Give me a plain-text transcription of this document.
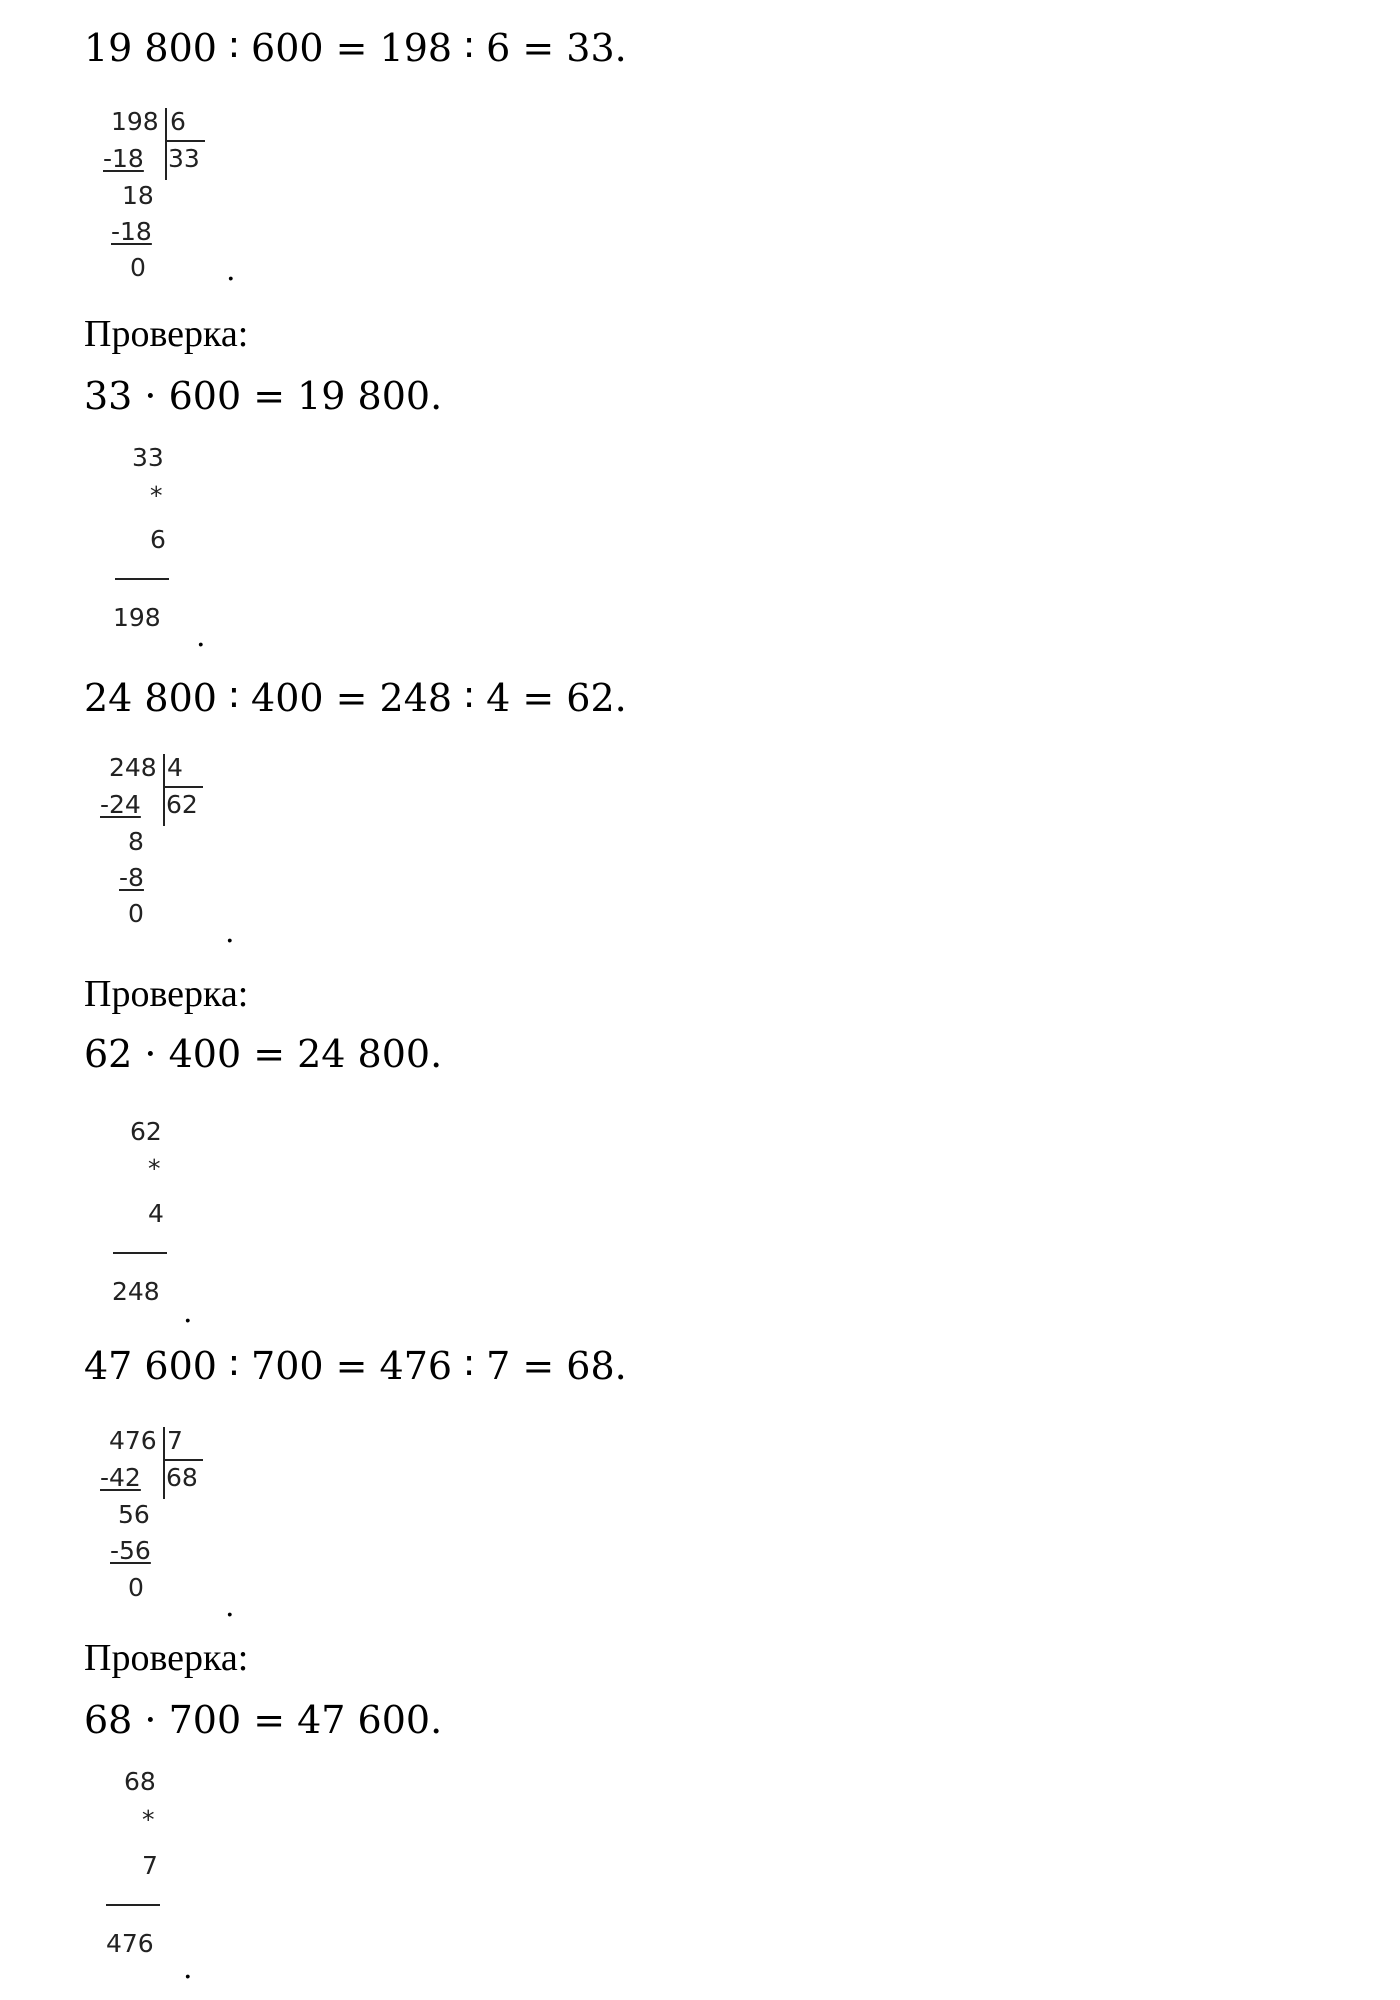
19 800 ∶ 600 = 198 ∶ 6 = 33.
198 6
-18 33
18
-18
0	.
Проверка:
33 · 600 = 19 800.
33
*
6
198
.
24 800 ∶ 400 = 248 ∶ 4 = 62.
248 4
-24 62
8
-8
0
.
Проверка:
62 · 400 = 24 800.
62
*
4
248
.
47 600 ∶ 700 = 476 ∶ 7 = 68.
476 7
-42 68
56
-56
0
.
Проверка:
68 · 700 = 47 600.
68
*
7
476
.
